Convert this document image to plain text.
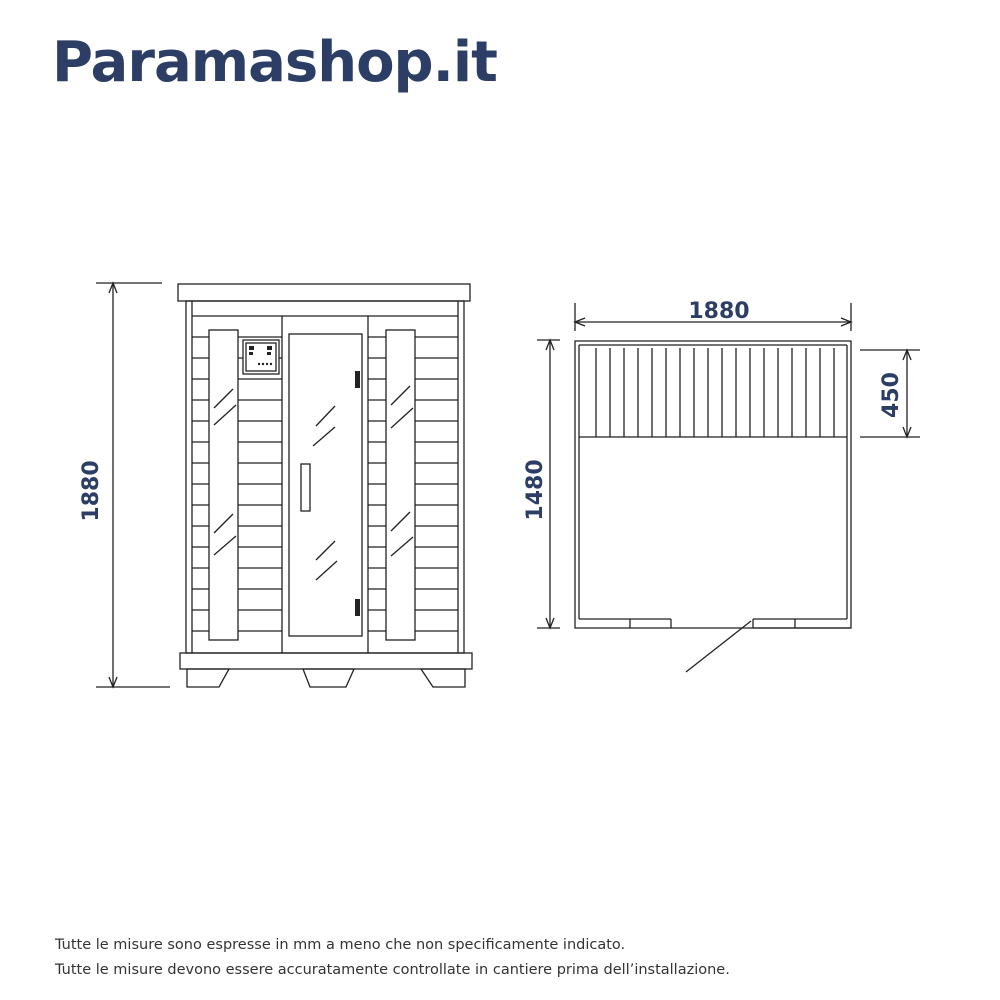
Paramashop.it
1880
1880
1480
450
Tutte le misure sono espresse in mm a meno che non specificamente indicato.
Tutte le misure devono essere accuratamente controllate in cantiere prima dell’installazione.
